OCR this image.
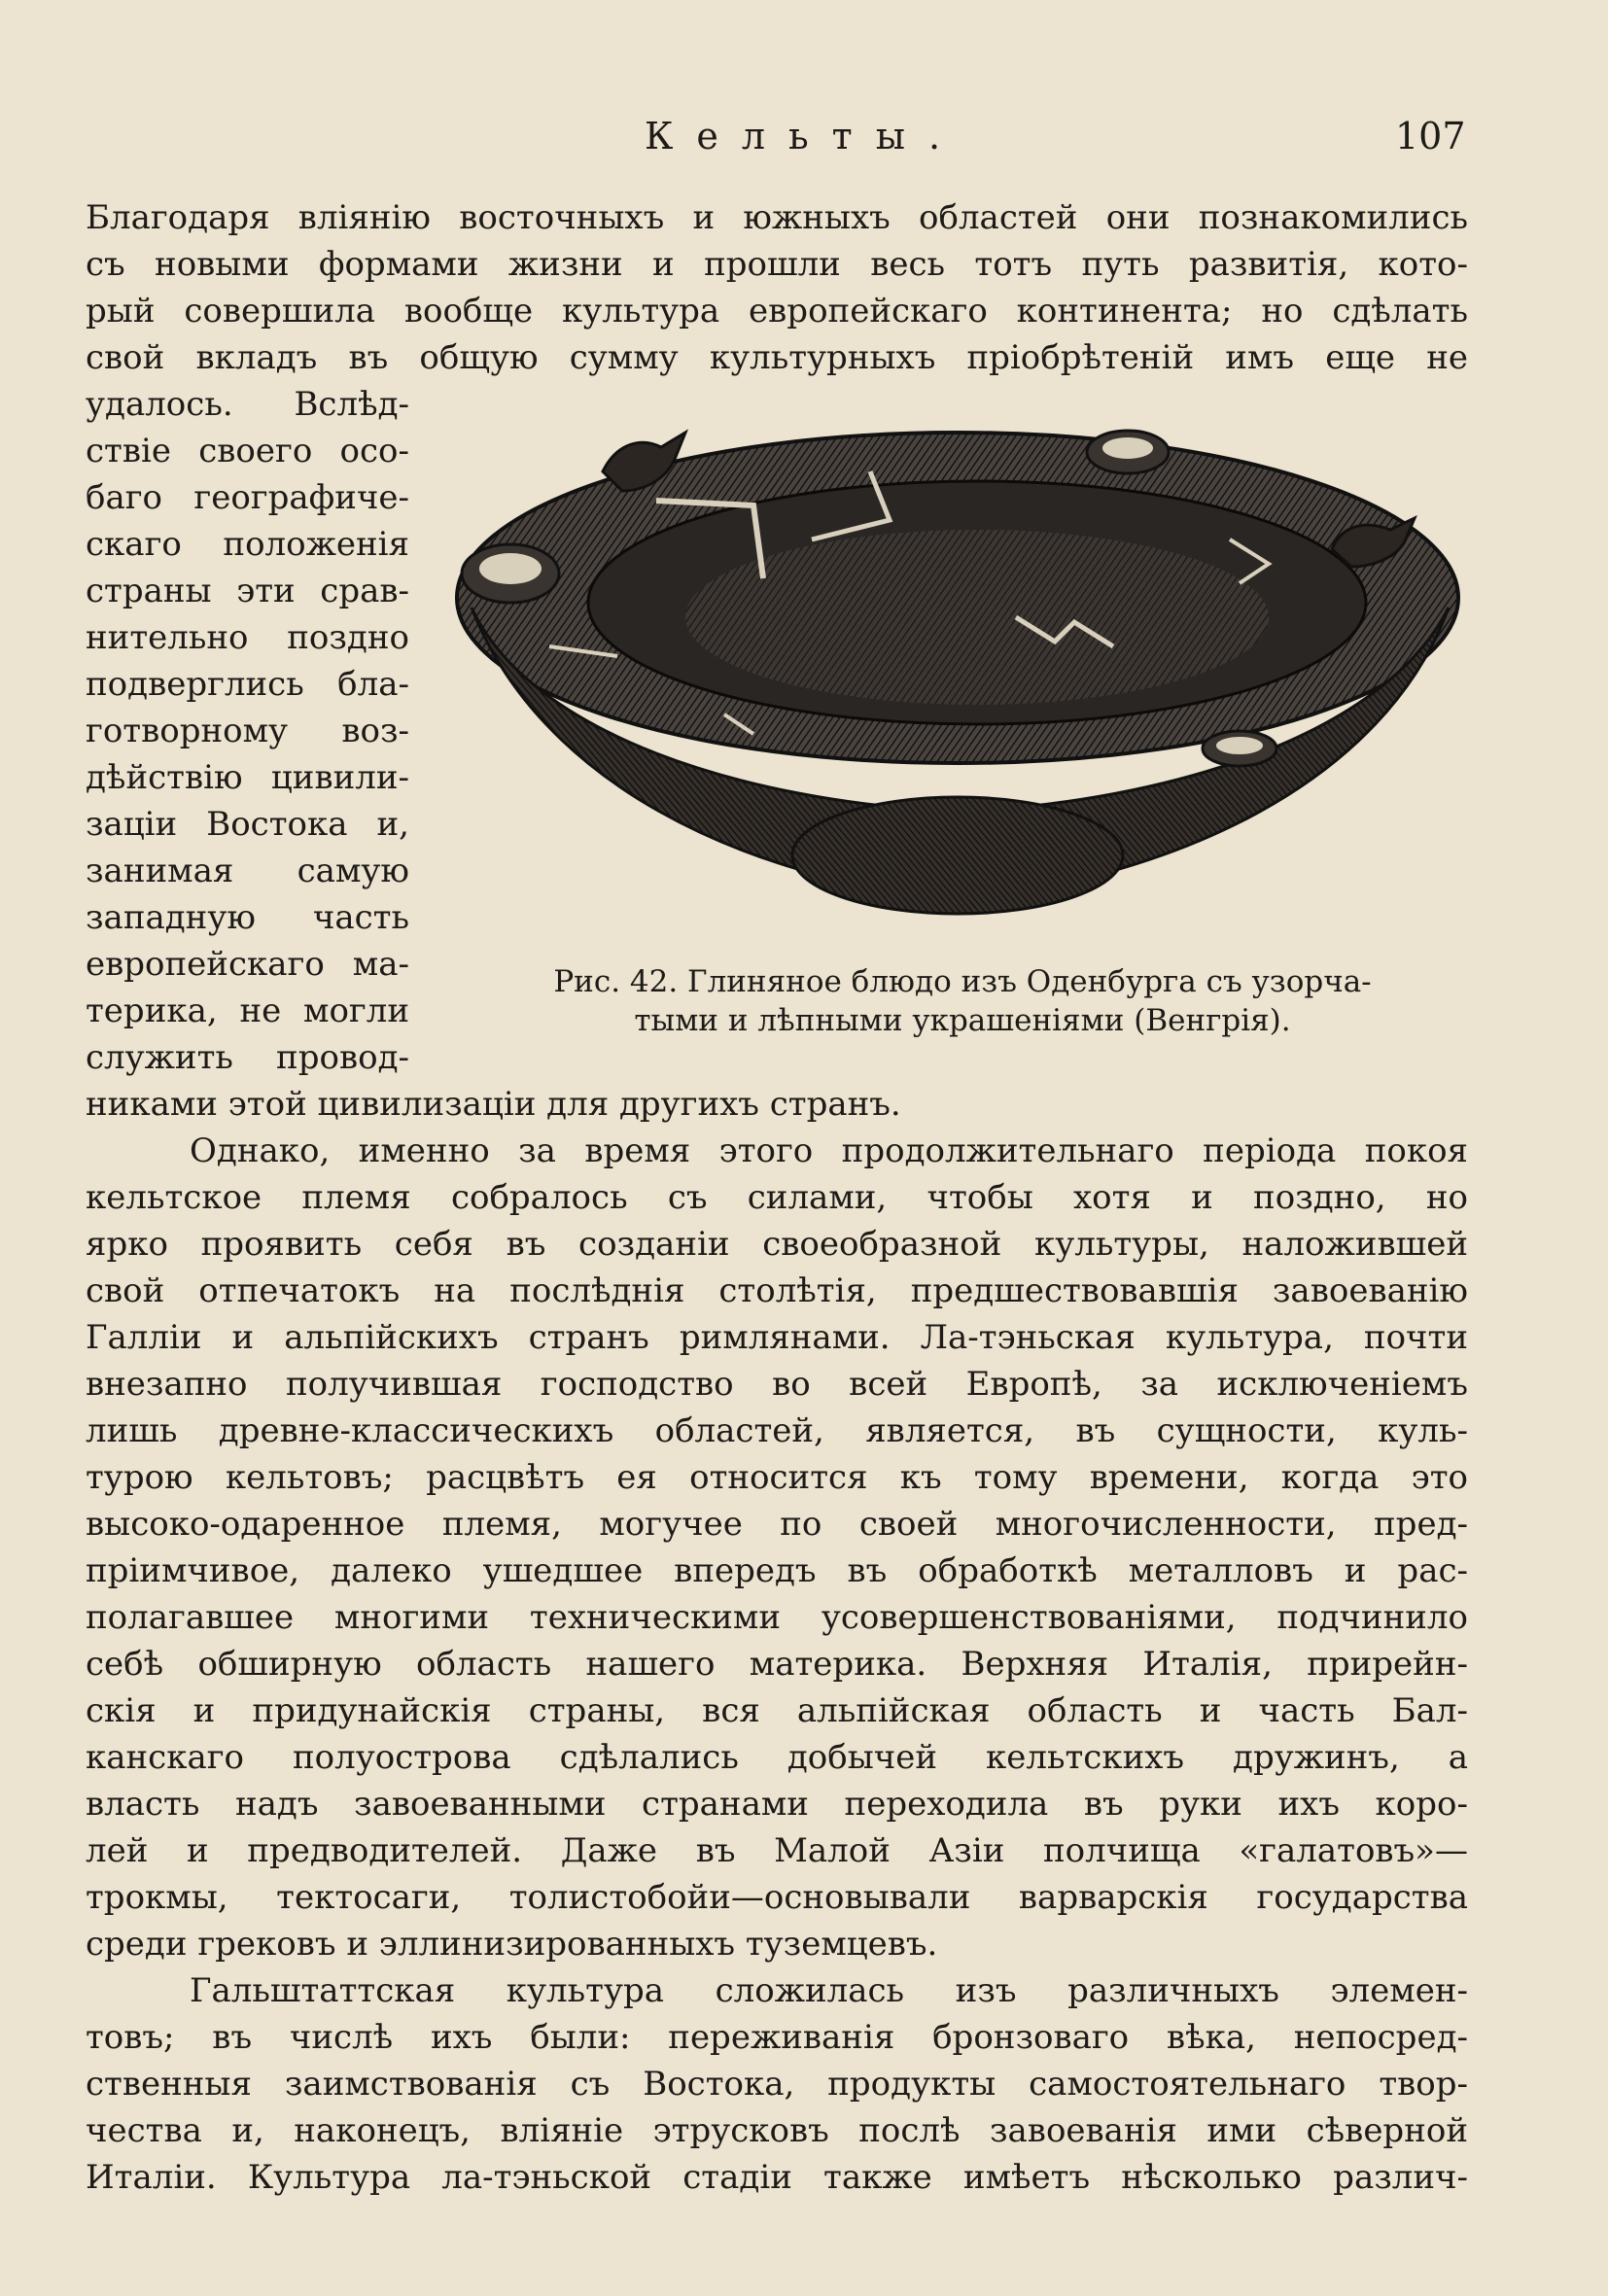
Кельты.	107
Благодаря вліянію восточныхъ и южныхъ областей они познакомились
съ новыми формами жизни и прошли весь тотъ путь развитія, кото-
рый совершила вообще культура европейскаго континента; но сдѣлать
свой вкладъ въ общую сумму культурныхъ пріобрѣтеній имъ еще не
удалось. Вслѣд-
ствіе своего осо-
баго географиче-
скаго положенія
страны эти срав-
нительно поздно
подверглись бла-
готворному воз-
дѣйствію цивили-
заціи Востока и,
занимая самую
западную часть
европейскаго ма-
терика, не могли
служить провод-
Рис. 42. Глиняное блюдо изъ Оденбурга съ узорча-
тыми и лѣпными украшеніями (Венгрія).
никами этой цивилизаціи для другихъ странъ.
Однако, именно за время этого продолжительнаго періода покоя
кельтское племя собралось съ силами, чтобы хотя и поздно, но
ярко проявить себя въ созданіи своеобразной культуры, наложившей
свой отпечатокъ на послѣднія столѣтія, предшествовавшія завоеванію
Галліи и альпійскихъ странъ римлянами. Ла-тэньская культура, почти
внезапно получившая господство во всей Европѣ, за исключеніемъ
лишь древне-классическихъ областей, является, въ сущности, куль-
турою кельтовъ; расцвѣтъ ея относится къ тому времени, когда это
высоко-одаренное племя, могучее по своей многочисленности, пред-
пріимчивое, далеко ушедшее впередъ въ обработкѣ металловъ и рас-
полагавшее многими техническими усовершенствованіями, подчинило
себѣ обширную область нашего материка. Верхняя Италія, прирейн-
скія и придунайскія страны, вся альпійская область и часть Бал-
канскаго полуострова сдѣлались добычей кельтскихъ дружинъ, а
власть надъ завоеванными странами переходила въ руки ихъ коро-
лей и предводителей. Даже въ Малой Азіи полчища «галатовъ»—
трокмы, тектосаги, толистобойи—основывали варварскія государства
среди грековъ и эллинизированныхъ туземцевъ.
Гальштаттская культура сложилась изъ различныхъ элемен-
товъ; въ числѣ ихъ были: переживанія бронзоваго вѣка, непосред-
ственныя заимствованія съ Востока, продукты самостоятельнаго твор-
чества и, наконецъ, вліяніе этрусковъ послѣ завоеванія ими сѣверной
Италіи. Культура ла-тэньской стадіи также имѣетъ нѣсколько различ-
